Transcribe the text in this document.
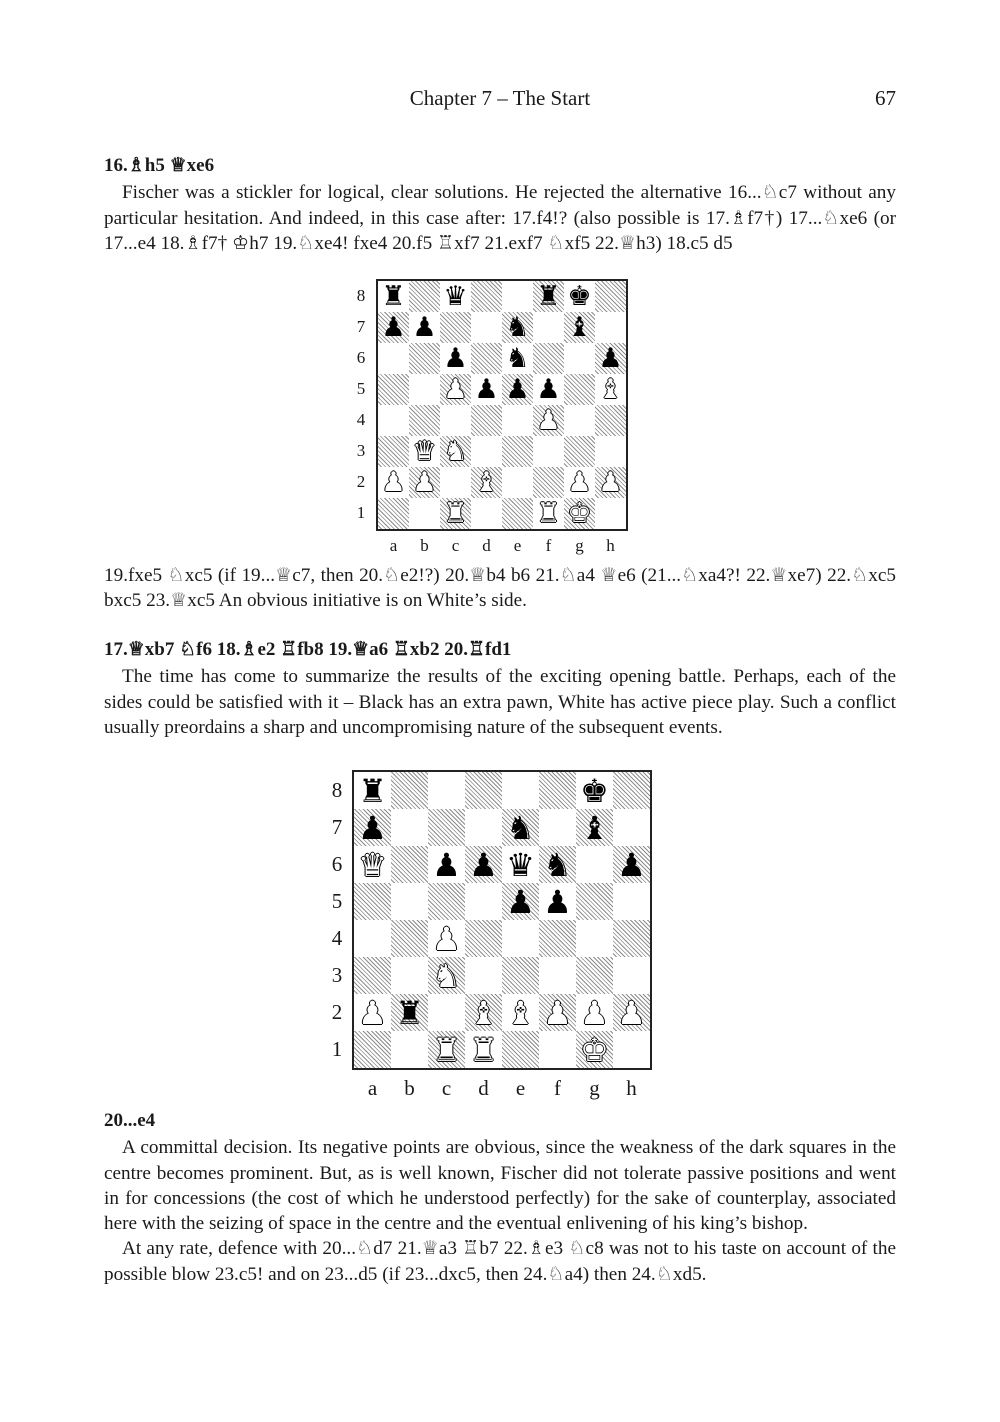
Chapter 7 – The Start	67

16.♗h5 ♕xe6

Fischer was a stickler for logical, clear solutions. He rejected the alternative 16...♘c7 without any particular hesitation. And indeed, in this case after: 17.f4!? (also possible is 17.♗f7†) 17...♘xe6 (or 17...e4 18.♗f7† ♔h7 19.♘xe4! fxe4 20.f5 ♖xf7 21.exf7 ♘xf5 22.♕h3) 18.c5 d5

♜ ♛	♜ ♚
♟ ♟	♞ ♝
♟ ♞	♟
♟ ♟ ♟ ♟ ♝
♟
♛ ♞
♟ ♟ ♝	♟ ♟
♜	♜ ♚
8
7
6
5
4
3
2
1
a	b	c	d	e	f	g	h

19.fxe5 ♘xc5 (if 19...♕c7, then 20.♘e2!?) 20.♕b4 b6 21.♘a4 ♕e6 (21...♘xa4?! 22.♕xe7) 22.♘xc5 bxc5 23.♕xc5 An obvious initiative is on White’s side.

17.♕xb7 ♘f6 18.♗e2 ♖fb8 19.♕a6 ♖xb2 20.♖fd1

The time has come to summarize the results of the exciting opening battle. Perhaps, each of the sides could be satisfied with it – Black has an extra pawn, White has active piece play. Such a conflict usually preordains a sharp and uncompromising nature of the subsequent events.

♜	♚
♟	♞ ♝
♛ ♟ ♟ ♛ ♞ ♟
♟ ♟
♟
♞
♟ ♜ ♝ ♝ ♟ ♟ ♟
♜ ♜	♚
8
7
6
5
4
3
2
1
a	b	c	d	e	f	g	h

20...e4

A committal decision. Its negative points are obvious, since the weakness of the dark squares in the centre becomes prominent. But, as is well known, Fischer did not tolerate passive positions and went in for concessions (the cost of which he understood perfectly) for the sake of counterplay, associated here with the seizing of space in the centre and the eventual enlivening of his king’s bishop.

At any rate, defence with 20...♘d7 21.♕a3 ♖b7 22.♗e3 ♘c8 was not to his taste on account of the possible blow 23.c5! and on 23...d5 (if 23...dxc5, then 24.♘a4) then 24.♘xd5.
